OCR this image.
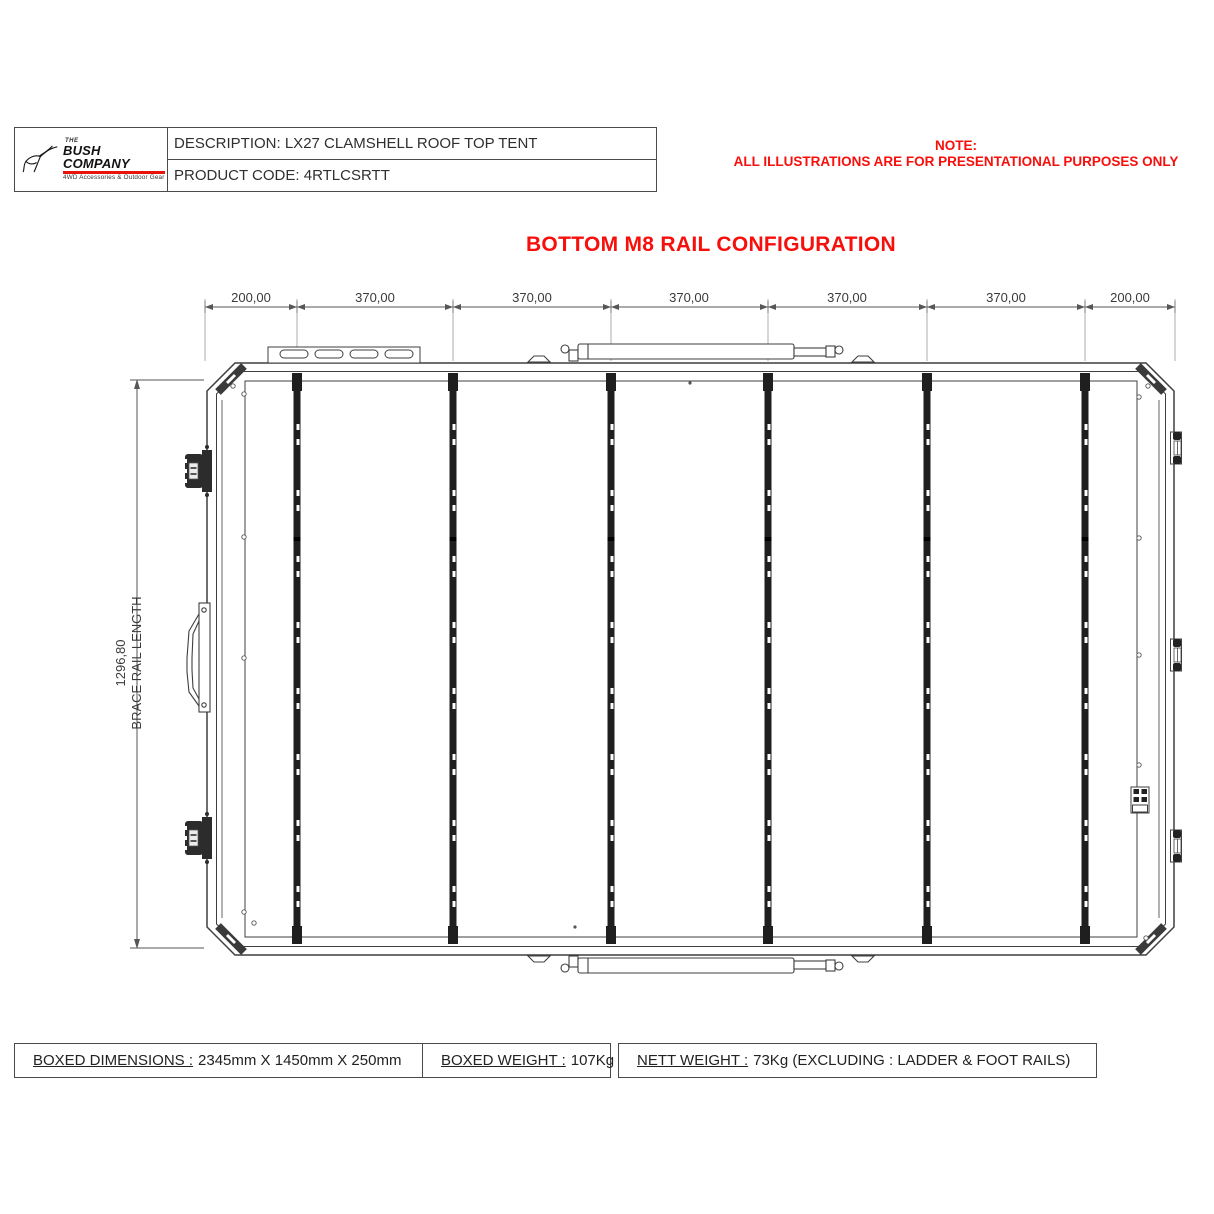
THE
BUSH COMPANY
4WD Accessories & Outdoor Gear
DESCRIPTION: LX27 CLAMSHELL ROOF TOP TENT
PRODUCT CODE: 4RTLCSRTT
NOTE:
ALL ILLUSTRATIONS ARE FOR PRESENTATIONAL PURPOSES ONLY
BOTTOM M8 RAIL CONFIGURATION
200,00	370,00	370,00	370,00	370,00	370,00	200,00
1296,80 BRACE RAIL LENGTH
BOXED DIMENSIONS : 2345mm X 1450mm X 250mm	BOXED WEIGHT : 107Kg NETT WEIGHT : 73Kg (EXCLUDING : LADDER & FOOT RAILS)
